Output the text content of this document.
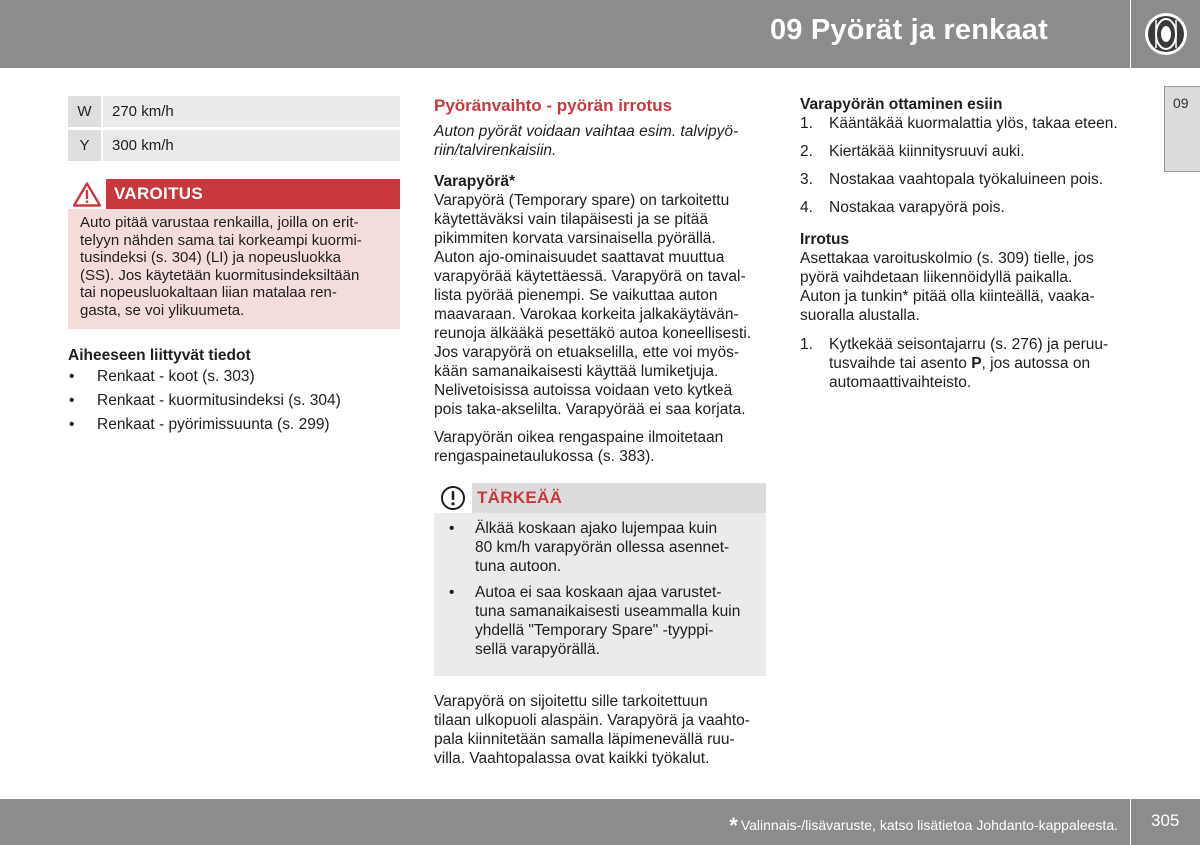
09 Pyörät ja renkaat
09
W	270 km/h
Y	300 km/h
VAROITUS
Auto pitää varustaa renkailla, joilla on erit-
telyyn nähden sama tai korkeampi kuormi-
tusindeksi (s. 304) (LI) ja nopeusluokka
(SS). Jos käytetään kuormitusindeksiltään
tai nopeusluokaltaan liian matalaa ren-
gasta, se voi ylikuumeta.

Aiheeseen liittyvät tiedot

• Renkaat - koot (s. 303)
• Renkaat - kuormitusindeksi (s. 304)
• Renkaat - pyörimissuunta (s. 299)

Pyöränvaihto - pyörän irrotus

Auton pyörät voidaan vaihtaa esim. talvipyö-
riin/talvirenkaisiin.

Varapyörä*

Varapyörä (Temporary spare) on tarkoitettu
käytettäväksi vain tilapäisesti ja se pitää
pikimmiten korvata varsinaisella pyörällä.
Auton ajo-ominaisuudet saattavat muuttua
varapyörää käytettäessä. Varapyörä on taval-
lista pyörää pienempi. Se vaikuttaa auton
maavaraan. Varokaa korkeita jalkakäytävän-
reunoja älkääkä pesettäkö autoa koneellisesti.
Jos varapyörä on etuakselilla, ette voi myös-
kään samanaikaisesti käyttää lumiketjuja.
Nelivetoisissa autoissa voidaan veto kytkeä
pois taka-akselilta. Varapyörää ei saa korjata.
Varapyörän oikea rengaspaine ilmoitetaan
rengaspainetaulukossa (s. 383).
TÄRKEÄÄ
• Älkää koskaan ajako lujempaa kuin
80 km/h varapyörän ollessa asennet-
tuna autoon.
• Autoa ei saa koskaan ajaa varustet-
tuna samanaikaisesti useammalla kuin
yhdellä "Temporary Spare" -tyyppi-
sellä varapyörällä.
Varapyörä on sijoitettu sille tarkoitettuun
tilaan ulkopuoli alaspäin. Varapyörä ja vaahto-
pala kiinnitetään samalla läpimenevällä ruu-
villa. Vaahtopalassa ovat kaikki työkalut.

Varapyörän ottaminen esiin

1. Kääntäkää kuormalattia ylös, takaa eteen.
2. Kiertäkää kiinnitysruuvi auki.
3. Nostakaa vaahtopala työkaluineen pois.
4. Nostakaa varapyörä pois.

Irrotus

Asettakaa varoituskolmio (s. 309) tielle, jos
pyörä vaihdetaan liikennöidyllä paikalla.
Auton ja tunkin* pitää olla kiinteällä, vaaka-
suoralla alustalla.
1. Kytkekää seisontajarru (s. 276) ja peruu-
tusvaihde tai asento P, jos autossa on
automaattivaihteisto.
* Valinnais-/lisävaruste, katso lisätietoa Johdanto-kappaleesta. 305
